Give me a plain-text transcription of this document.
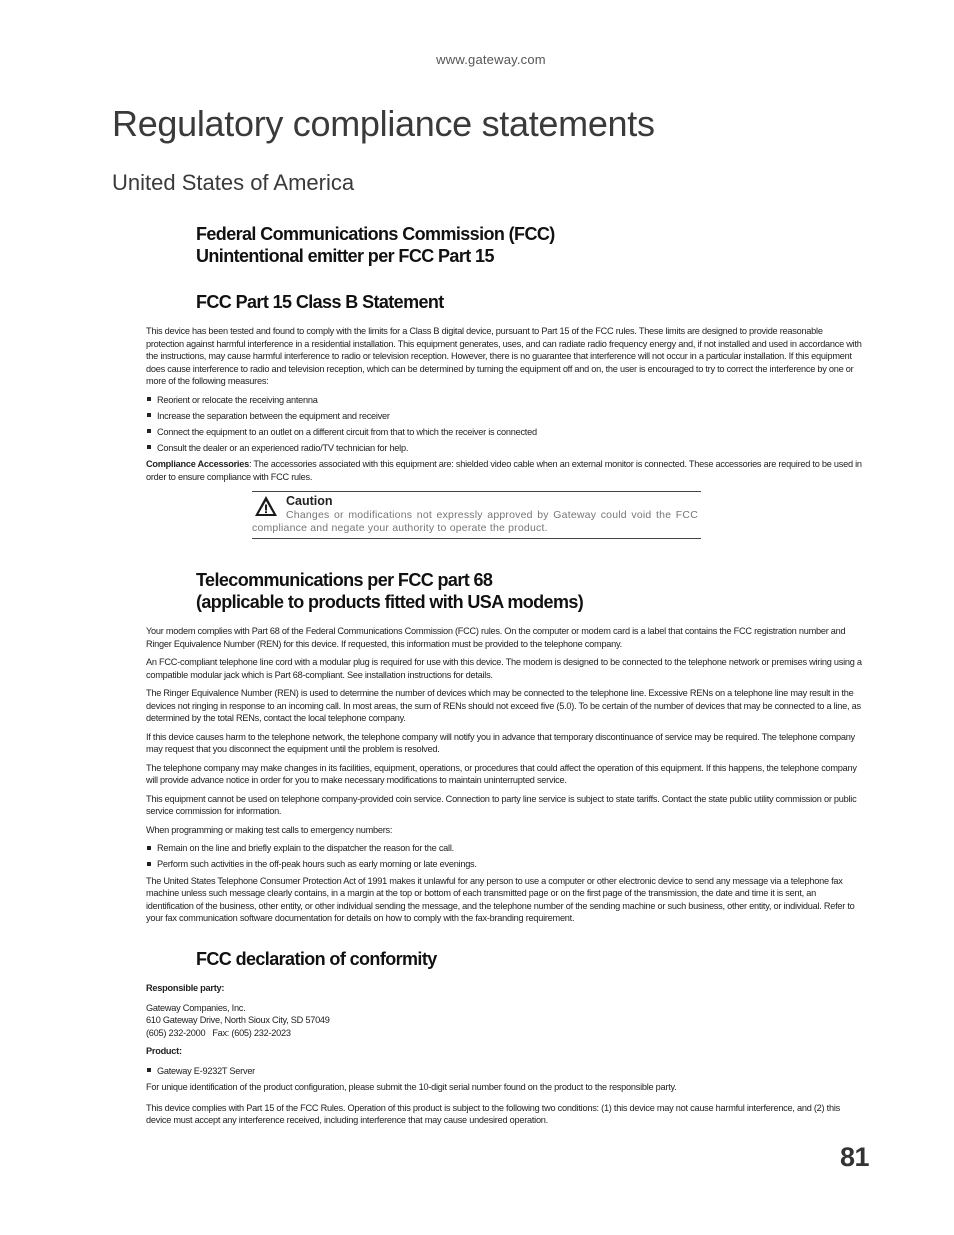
www.gateway.com
Regulatory compliance statements
United States of America
Federal Communications Commission (FCC)
Unintentional emitter per FCC Part 15
FCC Part 15 Class B Statement

This device has been tested and found to comply with the limits for a Class B digital device, pursuant to Part 15 of the FCC rules. These limits are designed to provide reasonable protection against harmful interference in a residential installation. This equipment generates, uses, and can radiate radio frequency energy and, if not installed and used in accordance with the instructions, may cause harmful interference to radio or television reception. However, there is no guarantee that interference will not occur in a particular installation. If this equipment does cause interference to radio and television reception, which can be determined by turning the equipment off and on, the user is encouraged to try to correct the interference by one or more of the following measures:

Reorient or relocate the receiving antenna
Increase the separation between the equipment and receiver
Connect the equipment to an outlet on a different circuit from that to which the receiver is connected
Consult the dealer or an experienced radio/TV technician for help.

Compliance Accessories: The accessories associated with this equipment are: shielded video cable when an external monitor is connected. These accessories are required to be used in order to ensure compliance with FCC rules.

Caution
Changes or modifications not expressly approved by Gateway could void the FCC compliance and negate your authority to operate the product.
Telecommunications per FCC part 68
(applicable to products fitted with USA modems)

Your modem complies with Part 68 of the Federal Communications Commission (FCC) rules. On the computer or modem card is a label that contains the FCC registration number and Ringer Equivalence Number (REN) for this device. If requested, this information must be provided to the telephone company.

An FCC-compliant telephone line cord with a modular plug is required for use with this device. The modem is designed to be connected to the telephone network or premises wiring using a compatible modular jack which is Part 68-compliant. See installation instructions for details.

The Ringer Equivalence Number (REN) is used to determine the number of devices which may be connected to the telephone line. Excessive RENs on a telephone line may result in the devices not ringing in response to an incoming call. In most areas, the sum of RENs should not exceed five (5.0). To be certain of the number of devices that may be connected to a line, as determined by the total RENs, contact the local telephone company.

If this device causes harm to the telephone network, the telephone company will notify you in advance that temporary discontinuance of service may be required. The telephone company may request that you disconnect the equipment until the problem is resolved.

The telephone company may make changes in its facilities, equipment, operations, or procedures that could affect the operation of this equipment. If this happens, the telephone company will provide advance notice in order for you to make necessary modifications to maintain uninterrupted service.

This equipment cannot be used on telephone company-provided coin service. Connection to party line service is subject to state tariffs. Contact the state public utility commission or public service commission for information.

When programming or making test calls to emergency numbers:

Remain on the line and briefly explain to the dispatcher the reason for the call.
Perform such activities in the off-peak hours such as early morning or late evenings.

The United States Telephone Consumer Protection Act of 1991 makes it unlawful for any person to use a computer or other electronic device to send any message via a telephone fax machine unless such message clearly contains, in a margin at the top or bottom of each transmitted page or on the first page of the transmission, the date and time it is sent, an identification of the business, other entity, or other individual sending the message, and the telephone number of the sending machine or such business, other entity, or individual. Refer to your fax communication software documentation for details on how to comply with the fax-branding requirement.

FCC declaration of conformity

Responsible party:

Gateway Companies, Inc.
610 Gateway Drive, North Sioux City, SD 57049
(605) 232-2000   Fax: (605) 232-2023

Product:

Gateway E-9232T Server

For unique identification of the product configuration, please submit the 10-digit serial number found on the product to the responsible party.

This device complies with Part 15 of the FCC Rules. Operation of this product is subject to the following two conditions: (1) this device may not cause harmful interference, and (2) this device must accept any interference received, including interference that may cause undesired operation.

81
